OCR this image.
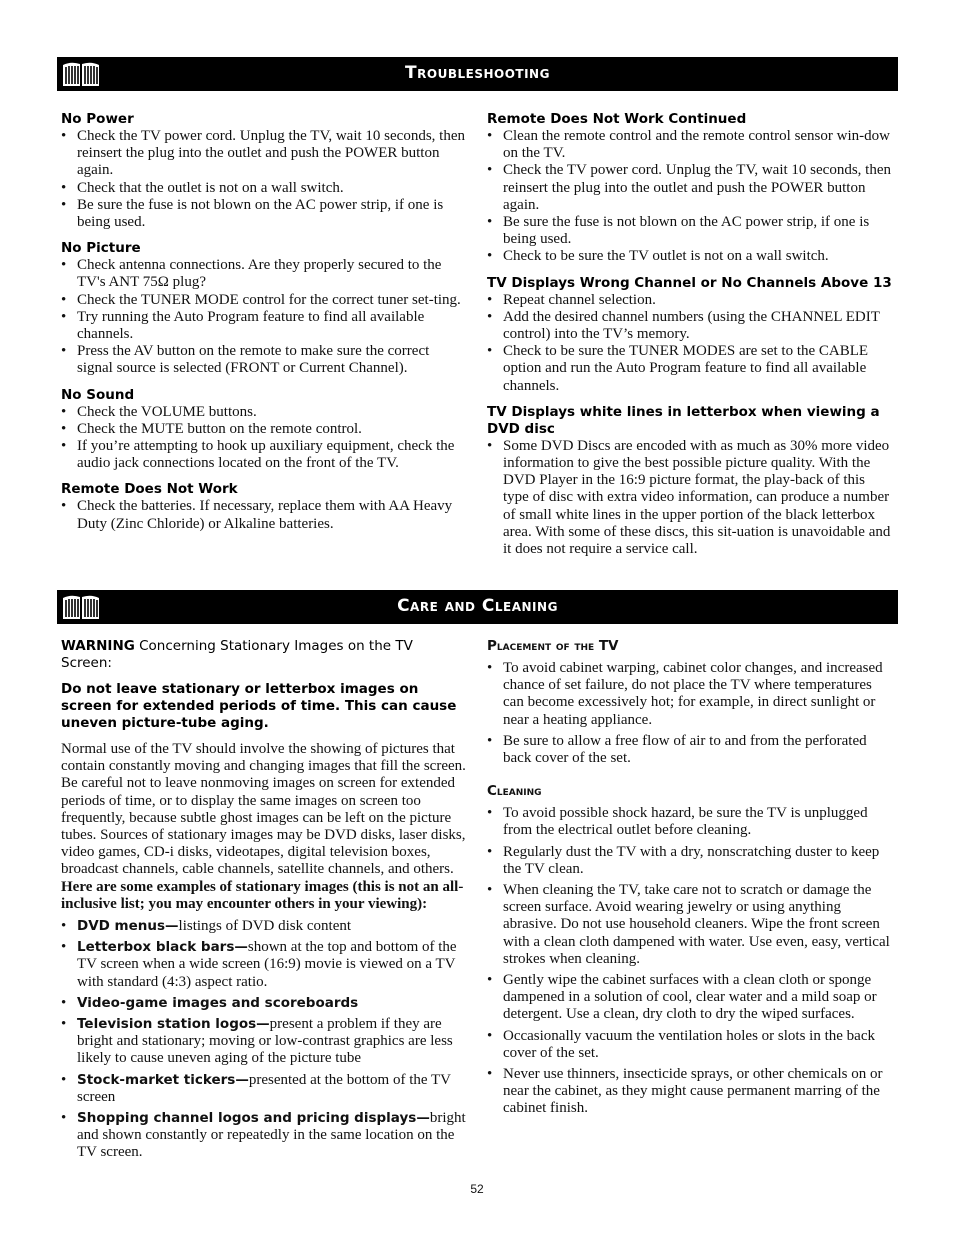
Troubleshooting
No Power
• Check the TV power cord. Unplug the TV, wait 10 seconds, then reinsert the plug into the outlet and push the POWER button again.
• Check that the outlet is not on a wall switch.
• Be sure the fuse is not blown on the AC power strip, if one is being used.
No Picture
• Check antenna connections. Are they properly secured to the TV's ANT 75Ω plug?
• Check the TUNER MODE control for the correct tuner set-ting.
• Try running the Auto Program feature to find all available channels.
• Press the AV button on the remote to make sure the correct signal source is selected (FRONT or Current Channel).
No Sound
• Check the VOLUME buttons.
• Check the MUTE button on the remote control.
• If you’re attempting to hook up auxiliary equipment, check the audio jack connections located on the front of the TV.
Remote Does Not Work
• Check the batteries. If necessary, replace them with AA Heavy Duty (Zinc Chloride) or Alkaline batteries.
Remote Does Not Work Continued
• Clean the remote control and the remote control sensor win-dow on the TV.
• Check the TV power cord. Unplug the TV, wait 10 seconds, then reinsert the plug into the outlet and push the POWER button again.
• Be sure the fuse is not blown on the AC power strip, if one is being used.
• Check to be sure the TV outlet is not on a wall switch.
TV Displays Wrong Channel or No Channels Above 13
• Repeat channel selection.
• Add the desired channel numbers (using the CHANNEL EDIT control) into the TV’s memory.
• Check to be sure the TUNER MODES are set to the CABLE option and run the Auto Program feature to find all available channels.
TV Displays white lines in letterbox when viewing a DVD disc
• Some DVD Discs are encoded with as much as 30% more video information to give the best possible picture quality. With the DVD Player in the 16:9 picture format, the play-back of this type of disc with extra video information, can produce a number of small white lines in the upper portion of the black letterbox area. With some of these discs, this sit-uation is unavoidable and it does not require a service call.
Care and Cleaning
WARNING Concerning Stationary Images on the TV Screen:
Do not leave stationary or letterbox images on screen for extended periods of time. This can cause uneven picture-tube aging.
Normal use of the TV should involve the showing of pictures that contain constantly moving and changing images that fill the screen. Be careful not to leave nonmoving images on screen for extended periods of time, or to display the same images on screen too frequently, because subtle ghost images can be left on the picture tubes. Sources of stationary images may be DVD disks, laser disks, video games, CD-i disks, videotapes, digital television boxes, broadcast channels, cable channels, satellite channels, and others. Here are some examples of stationary images (this is not an all-inclusive list; you may encounter others in your viewing):
• DVD menus—listings of DVD disk content
• Letterbox black bars—shown at the top and bottom of the TV screen when a wide screen (16:9) movie is viewed on a TV with standard (4:3) aspect ratio.
• Video-game images and scoreboards
• Television station logos—present a problem if they are bright and stationary; moving or low-contrast graphics are less likely to cause uneven aging of the picture tube
• Stock-market tickers—presented at the bottom of the TV screen
• Shopping channel logos and pricing displays—bright and shown constantly or repeatedly in the same location on the TV screen.
Placement of the TV
• To avoid cabinet warping, cabinet color changes, and increased chance of set failure, do not place the TV where temperatures can become excessively hot; for example, in direct sunlight or near a heating appliance.
• Be sure to allow a free flow of air to and from the perforated back cover of the set.
Cleaning
• To avoid possible shock hazard, be sure the TV is unplugged from the electrical outlet before cleaning.
• Regularly dust the TV with a dry, nonscratching duster to keep the TV clean.
• When cleaning the TV, take care not to scratch or damage the screen surface. Avoid wearing jewelry or using anything abrasive. Do not use household cleaners. Wipe the front screen with a clean cloth dampened with water. Use even, easy, vertical strokes when cleaning.
• Gently wipe the cabinet surfaces with a clean cloth or sponge dampened in a solution of cool, clear water and a mild soap or detergent. Use a clean, dry cloth to dry the wiped surfaces.
• Occasionally vacuum the ventilation holes or slots in the back cover of the set.
• Never use thinners, insecticide sprays, or other chemicals on or near the cabinet, as they might cause permanent marring of the cabinet finish.
52
